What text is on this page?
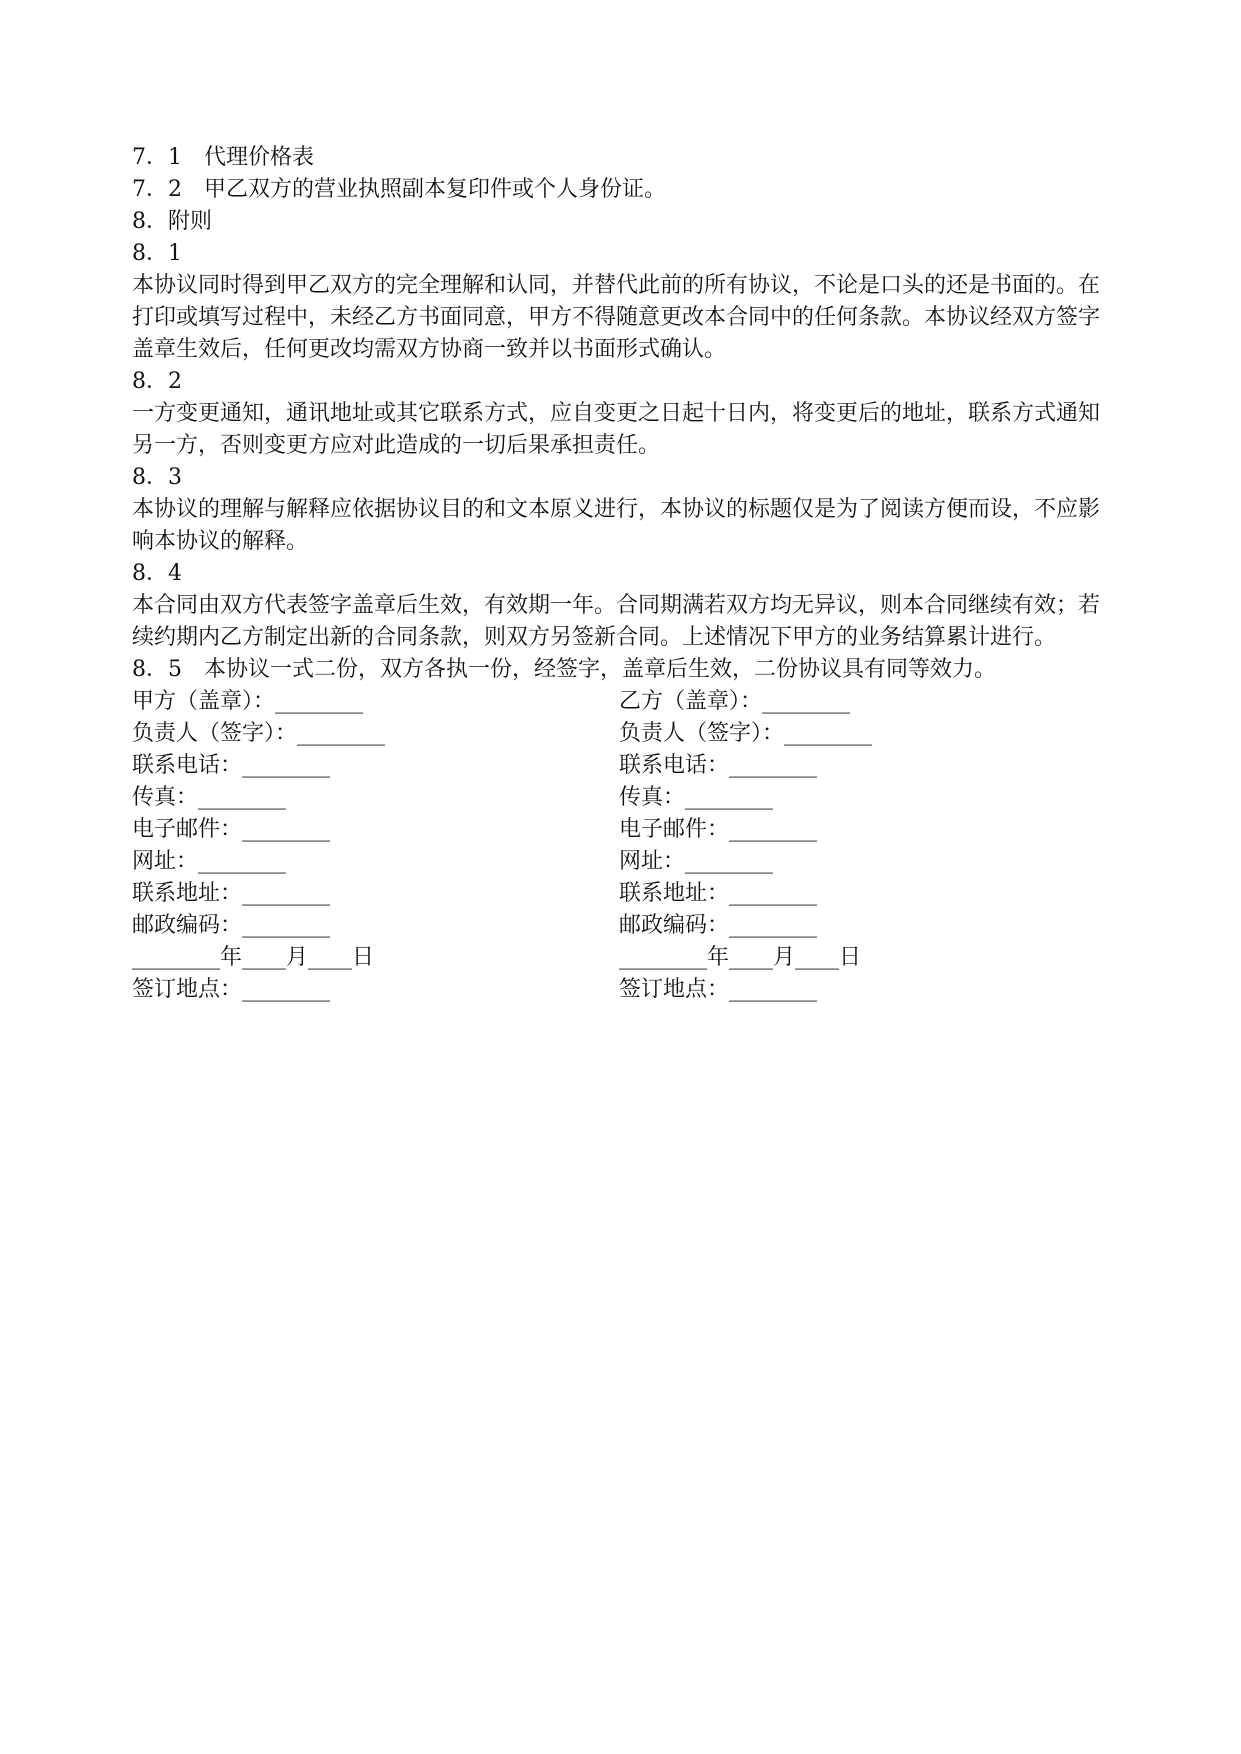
7．1　代理价格表
7．2　甲乙双方的营业执照副本复印件或个人身份证。
8．附则
8．1
本协议同时得到甲乙双方的完全理解和认同，并替代此前的所有协议，不论是口头的还是书面的。在打印或填写过程中，未经乙方书面同意，甲方不得随意更改本合同中的任何条款。本协议经双方签字盖章生效后，任何更改均需双方协商一致并以书面形式确认。
8．2
一方变更通知，通讯地址或其它联系方式，应自变更之日起十日内，将变更后的地址，联系方式通知另一方，否则变更方应对此造成的一切后果承担责任。
8．3
本协议的理解与解释应依据协议目的和文本原义进行，本协议的标题仅是为了阅读方便而设，不应影响本协议的解释。
8．4
本合同由双方代表签字盖章后生效，有效期一年。合同期满若双方均无异议，则本合同继续有效；若续约期内乙方制定出新的合同条款，则双方另签新合同。上述情况下甲方的业务结算累计进行。
8．5　本协议一式二份，双方各执一份，经签字，盖章后生效，二份协议具有同等效力。
甲方（盖章）：________	乙方（盖章）：________
负责人（签字）：________	负责人（签字）：________
联系电话：________	联系电话：________
传真：________	传真：________
电子邮件：________	电子邮件：________
网址：________	网址：________
联系地址：________	联系地址：________
邮政编码：________	邮政编码：________
________年____月____日	________年____月____日
签订地点：________	签订地点：________
